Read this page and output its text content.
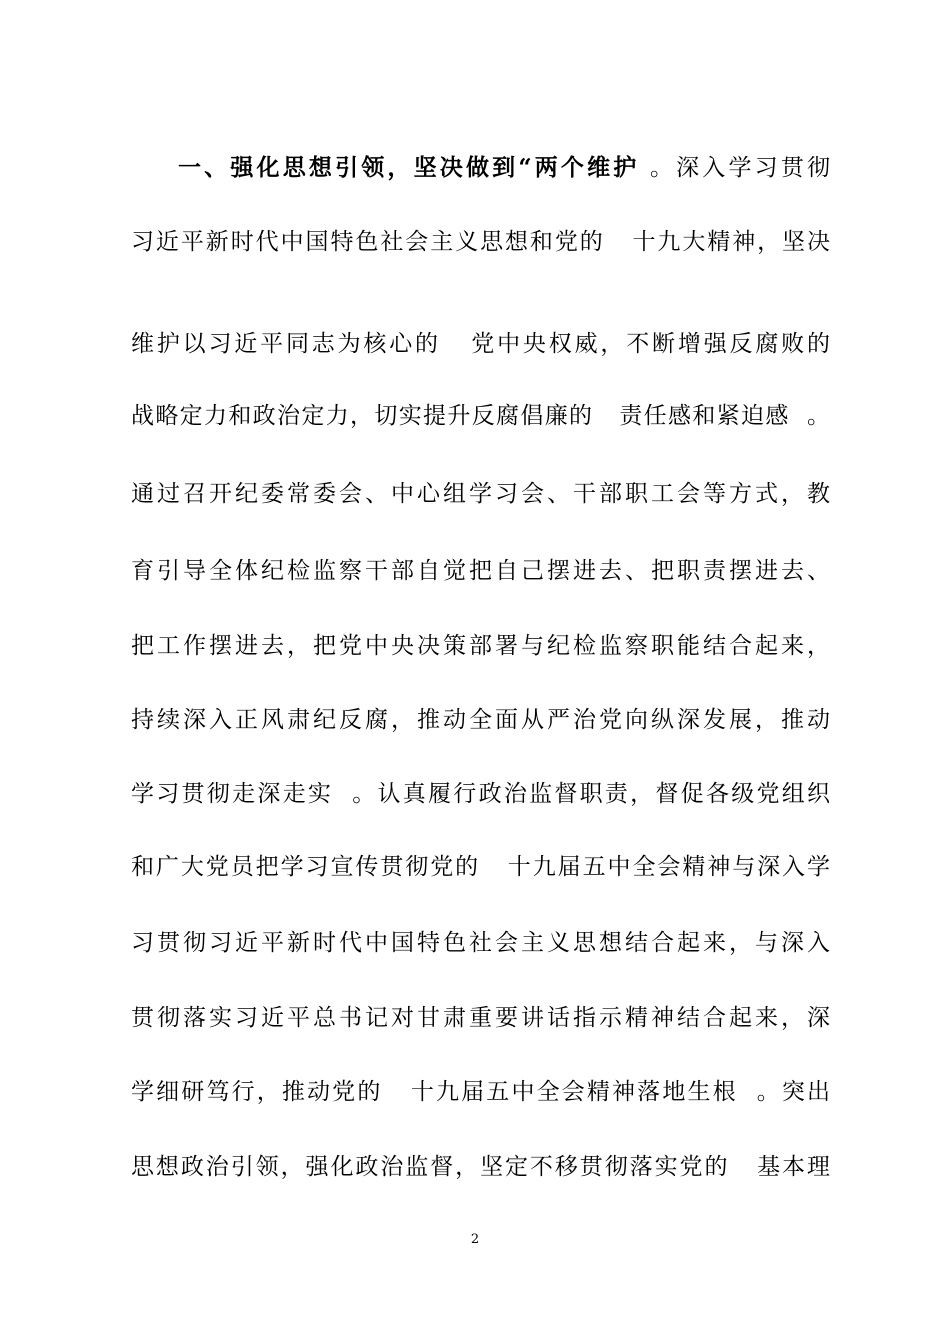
一、强化思想引领，坚决做到“两个维护 。深入学习贯彻
习近平新时代中国特色社会主义思想和党的   十九大精神，坚决
维护以习近平同志为核心的   党中央权威，不断增强反腐败的
战略定力和政治定力，切实提升反腐倡廉的   责任感和紧迫感  。
通过召开纪委常委会、中心组学习会、干部职工会等方式，教
育引导全体纪检监察干部自觉把自己摆进去、把职责摆进去、
把工作摆进去，把党中央决策部署与纪检监察职能结合起来，
持续深入正风肃纪反腐，推动全面从严治党向纵深发展，推动
学习贯彻走深走实  。认真履行政治监督职责，督促各级党组织
和广大党员把学习宣传贯彻党的   十九届五中全会精神与深入学
习贯彻习近平新时代中国特色社会主义思想结合起来，与深入
贯彻落实习近平总书记对甘肃重要讲话指示精神结合起来，深
学细研笃行，推动党的   十九届五中全会精神落地生根  。突出
思想政治引领，强化政治监督，坚定不移贯彻落实党的   基本理
2
